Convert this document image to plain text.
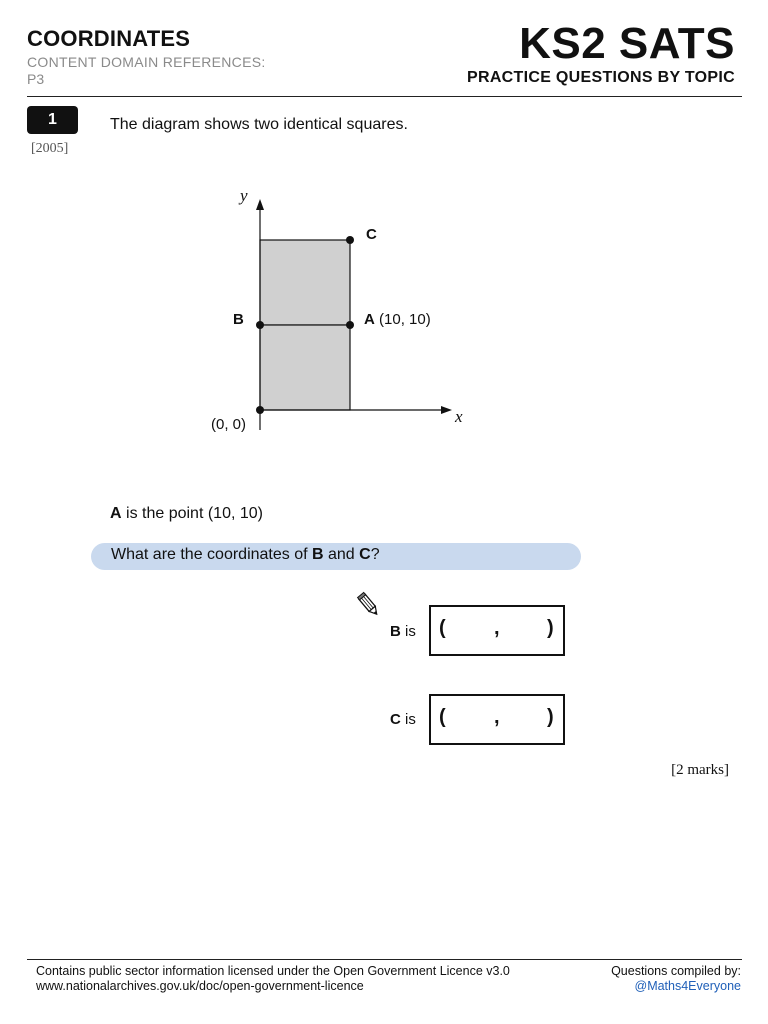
COORDINATES
CONTENT DOMAIN REFERENCES:
P3
KS2 SATS
PRACTICE QUESTIONS BY TOPIC
1
[2005]
The diagram shows two identical squares.
y
x
C
B	A (10, 10)
(0, 0)
A is the point (10, 10)
What are the coordinates of B and C?
B is ( , )
C is ( , )
[2 marks]
Contains public sector information licensed under the Open Government Licence v3.0
www.nationalarchives.gov.uk/doc/open-government-licence
Questions compiled by:
@Maths4Everyone
